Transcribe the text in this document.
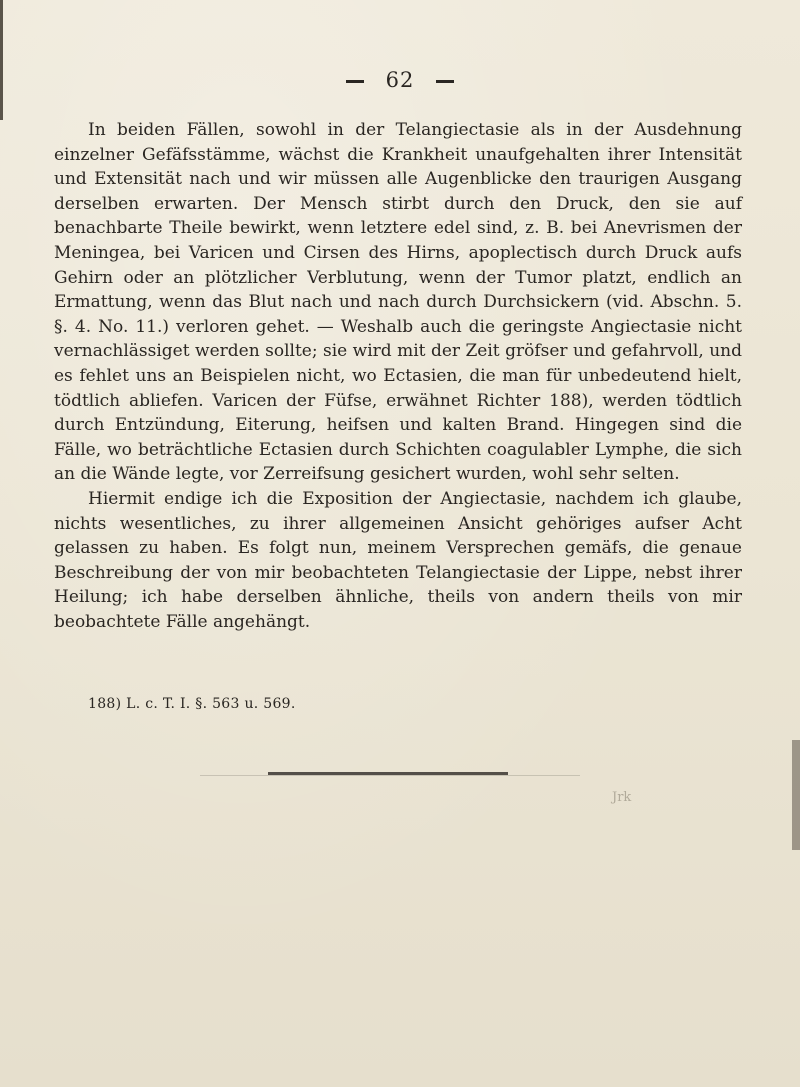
62

In beiden Fällen, sowohl in der Telangiectasie als in der Ausdehnung einzelner Gefäfsstämme, wächst die Krankheit unaufgehalten ihrer Intensität und Extensität nach und wir müssen alle Augenblicke den traurigen Ausgang derselben erwarten. Der Mensch stirbt durch den Druck, den sie auf benachbarte Theile bewirkt, wenn letztere edel sind, z. B. bei Anevrismen der Meningea, bei Varicen und Cirsen des Hirns, apoplectisch durch Druck aufs Gehirn oder an plötzlicher Verblutung, wenn der Tumor platzt, endlich an Ermattung, wenn das Blut nach und nach durch Durchsickern (vid. Abschn. 5. §. 4. No. 11.) verloren gehet. — Weshalb auch die geringste Angiectasie nicht vernachlässiget werden sollte; sie wird mit der Zeit gröfser und gefahrvoll, und es fehlet uns an Beispielen nicht, wo Ectasien, die man für unbedeutend hielt, tödtlich abliefen. Varicen der Füfse, erwähnet Richter 188), werden tödtlich durch Entzündung, Eiterung, heifsen und kalten Brand. Hingegen sind die Fälle, wo beträchtliche Ectasien durch Schichten coagulabler Lymphe, die sich an die Wände legte, vor Zerreifsung gesichert wurden, wohl sehr selten.

Hiermit endige ich die Exposition der Angiectasie, nachdem ich glaube, nichts wesentliches, zu ihrer allgemeinen Ansicht gehöriges aufser Acht gelassen zu haben. Es folgt nun, meinem Versprechen gemäfs, die genaue Beschreibung der von mir beobachteten Telangiectasie der Lippe, nebst ihrer Heilung; ich habe derselben ähnliche, theils von andern theils von mir beobachtete Fälle angehängt.

188) L. c. T. I. §. 563 u. 569.
Jrk
